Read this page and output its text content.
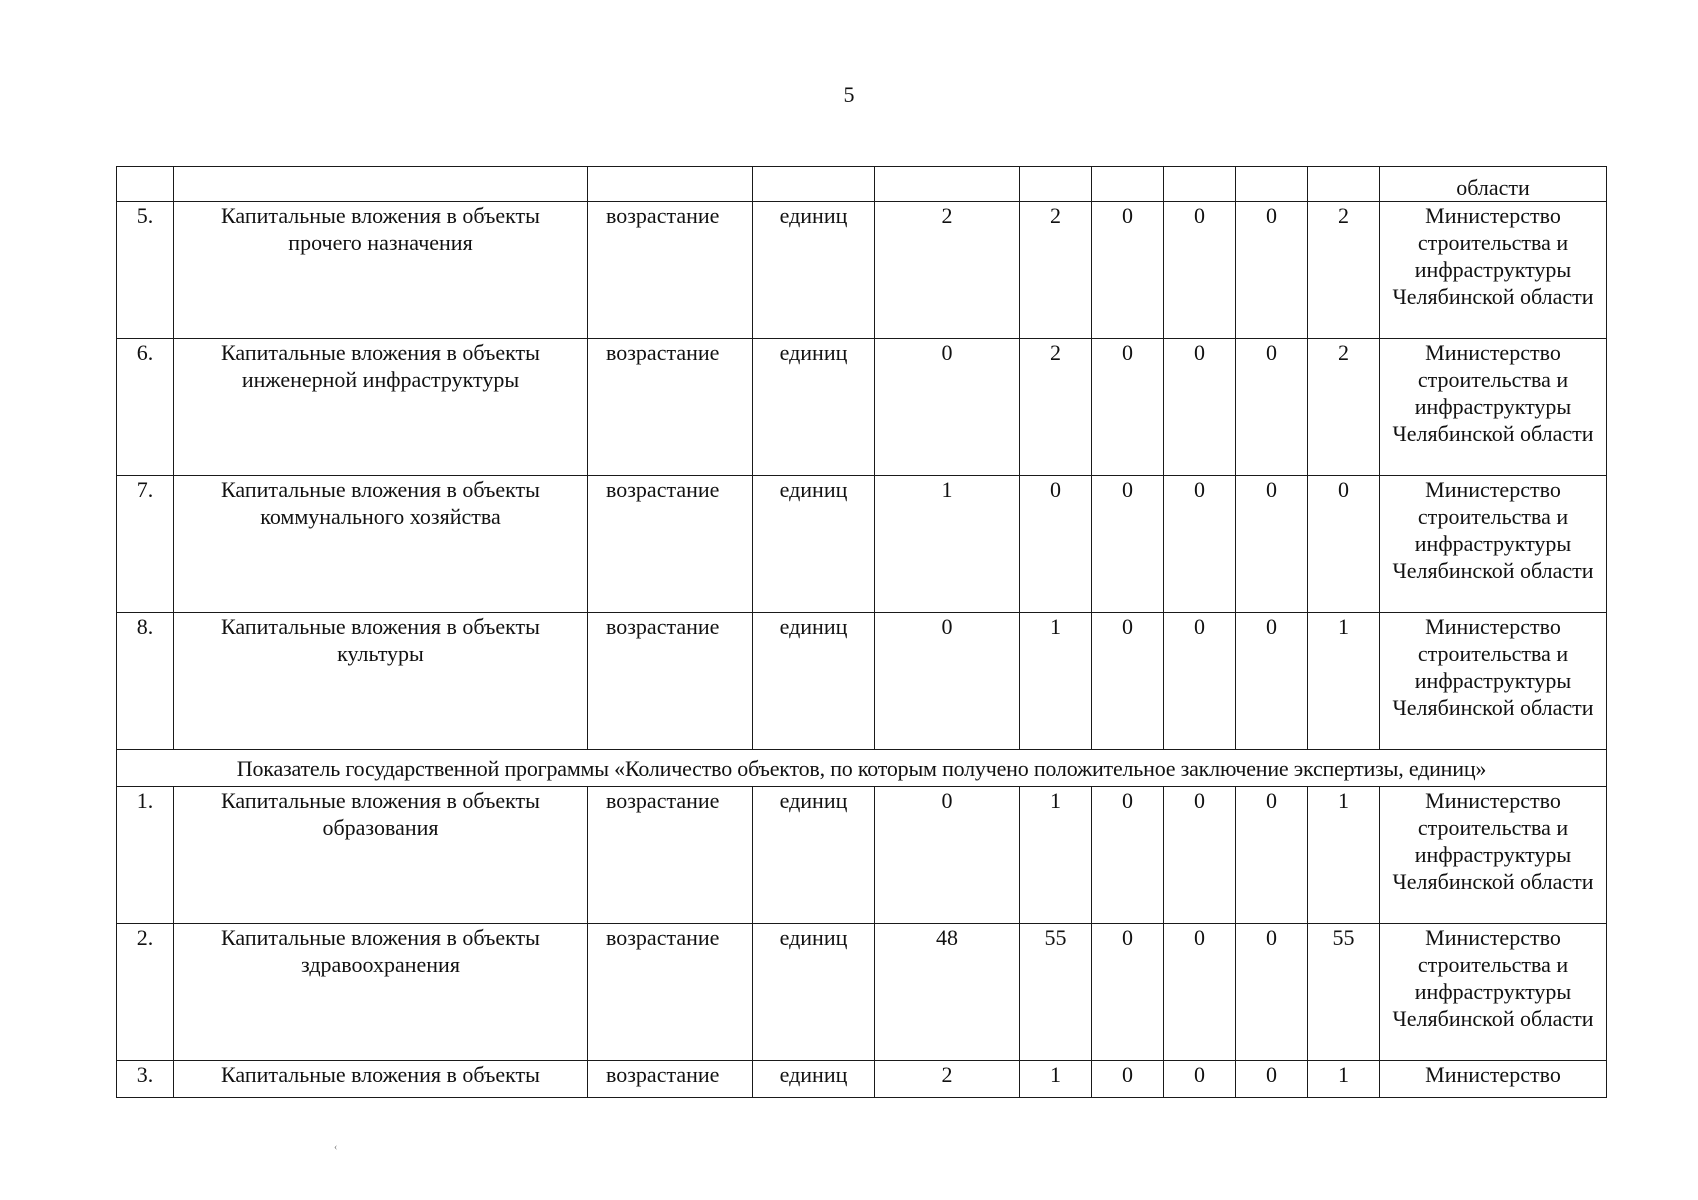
5
										области
5.	Капитальные вложения в объекты прочего назначения	возрастание	единиц	2	2	0	0	0	2	Министерство строительства и инфраструктуры Челябинской области
6.	Капитальные вложения в объекты инженерной инфраструктуры	возрастание	единиц	0	2	0	0	0	2	Министерство строительства и инфраструктуры Челябинской области
7.	Капитальные вложения в объекты коммунального хозяйства	возрастание	единиц	1	0	0	0	0	0	Министерство строительства и инфраструктуры Челябинской области
8.	Капитальные вложения в объекты культуры	возрастание	единиц	0	1	0	0	0	1	Министерство строительства и инфраструктуры Челябинской области
Показатель государственной программы «Количество объектов, по которым получено положительное заключение экспертизы, единиц»										
1.	Капитальные вложения в объекты образования	возрастание	единиц	0	1	0	0	0	1	Министерство строительства и инфраструктуры Челябинской области
2.	Капитальные вложения в объекты здравоохранения	возрастание	единиц	48	55	0	0	0	55	Министерство строительства и инфраструктуры Челябинской области
3.	Капитальные вложения в объекты	возрастание	единиц	2	1	0	0	0	1	Министерство
‹
